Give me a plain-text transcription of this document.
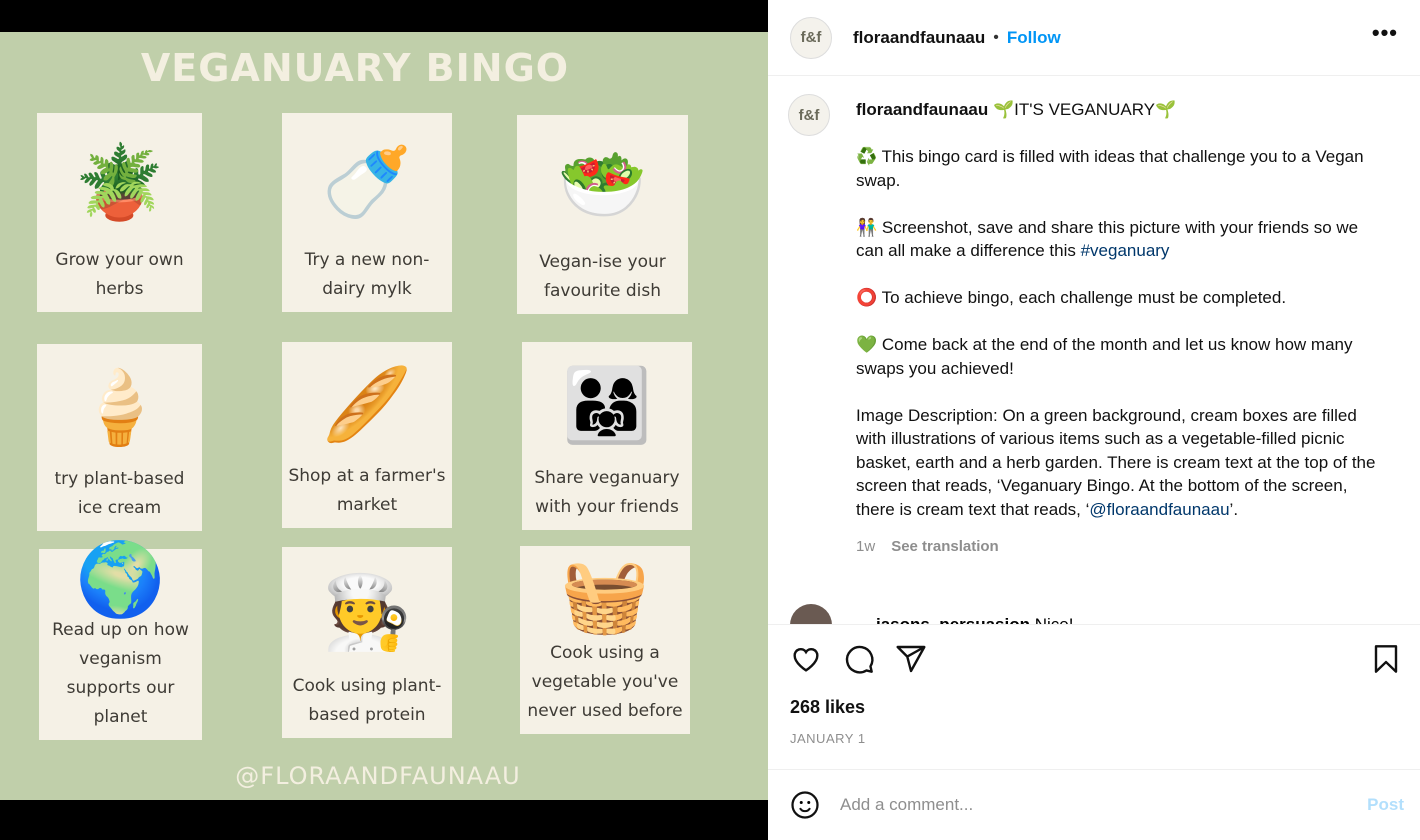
VEGANUARY BINGO
🪴
Grow your own herbs
🍼
Try a new non-dairy mylk
🥗
Vegan-ise your favourite dish
🍦
try plant-based ice cream
🥖
Shop at a farmer's market
👨‍👩‍👧
Share veganuary with your friends
🌍
Read up on how veganism supports our planet
🧑‍🍳
Cook using plant-based protein
🧺
Cook using a vegetable you've never used before
@FLORAANDFAUNAAU
f&f	floraandfaunaau • Follow	•••
f&f	floraandfaunaau 🌱IT'S VEGANUARY🌱

♻️ This bingo card is filled with ideas that challenge you to a Vegan swap.

👫 Screenshot, save and share this picture with your friends so we can all make a difference this #veganuary

⭕ To achieve bingo, each challenge must be completed.

💚 Come back at the end of the month and let us know how many swaps you achieved!

Image Description: On a green background, cream boxes are filled with illustrations of various items such as a vegetable-filled picnic basket, earth and a herb garden. There is cream text at the top of the screen that reads, ‘Veganuary Bingo. At the bottom of the screen, there is cream text that reads, ‘@floraandfaunaau’.

1w See translation
268 likes
JANUARY 1
Add a comment...
Post
